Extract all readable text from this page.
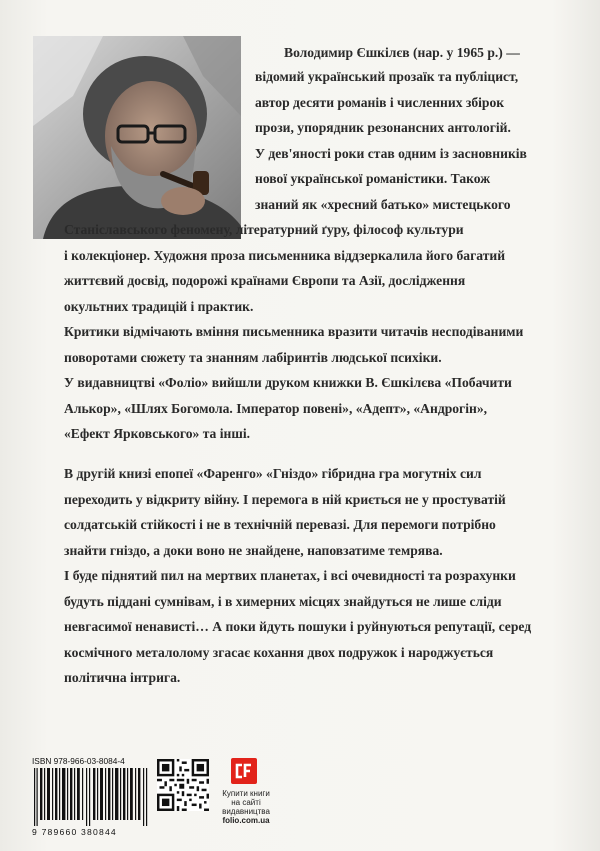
Володимир Єшкілєв (нар. у 1965 р.) —
відомий український прозаїк та публіцист,
автор десяти романів і численних збірок
прози, упорядник резонансних антологій.
У дев'яності роки став одним із засновників
нової української романістики. Також
знаний як «хресний батько» мистецького
Станіславського феномену, літературний ґуру, філософ культури
і колекціонер. Художня проза письменника віддзеркалила його багатий
життєвий досвід, подорожі країнами Європи та Азії, дослідження
окультних традицій і практик.
Критики відмічають вміння письменника вразити читачів несподіваними
поворотами сюжету та знанням лабіринтів людської психіки.
У видавництві «Фоліо» вийшли друком книжки В. Єшкілєва «Побачити
Алькор», «Шлях Богомола. Імператор повені», «Адепт», «Андрогін»,
«Ефект Ярковського» та інші.
В другій книзі епопеї «Фаренго» «Гніздо» гібридна гра могутніх сил
переходить у відкриту війну. І перемога в ній криється не у простуватій
солдатській стійкості і не в технічній перевазі. Для перемоги потрібно
знайти гніздо, а доки воно не знайдене, наповзатиме темрява.
І буде піднятий пил на мертвих планетах, і всі очевидності та розрахунки
будуть піддані сумнівам, і в химерних місцях знайдуться не лише сліди
невгасимої ненависті… А поки йдуть пошуки і руйнуються репутації, серед
космічного металолому згасає кохання двох подружок і народжується
політична інтрига.
ISBN 978-966-03-8084-4
9 789660 380844
Купити книги
на сайті
видавництва
folio.com.ua
